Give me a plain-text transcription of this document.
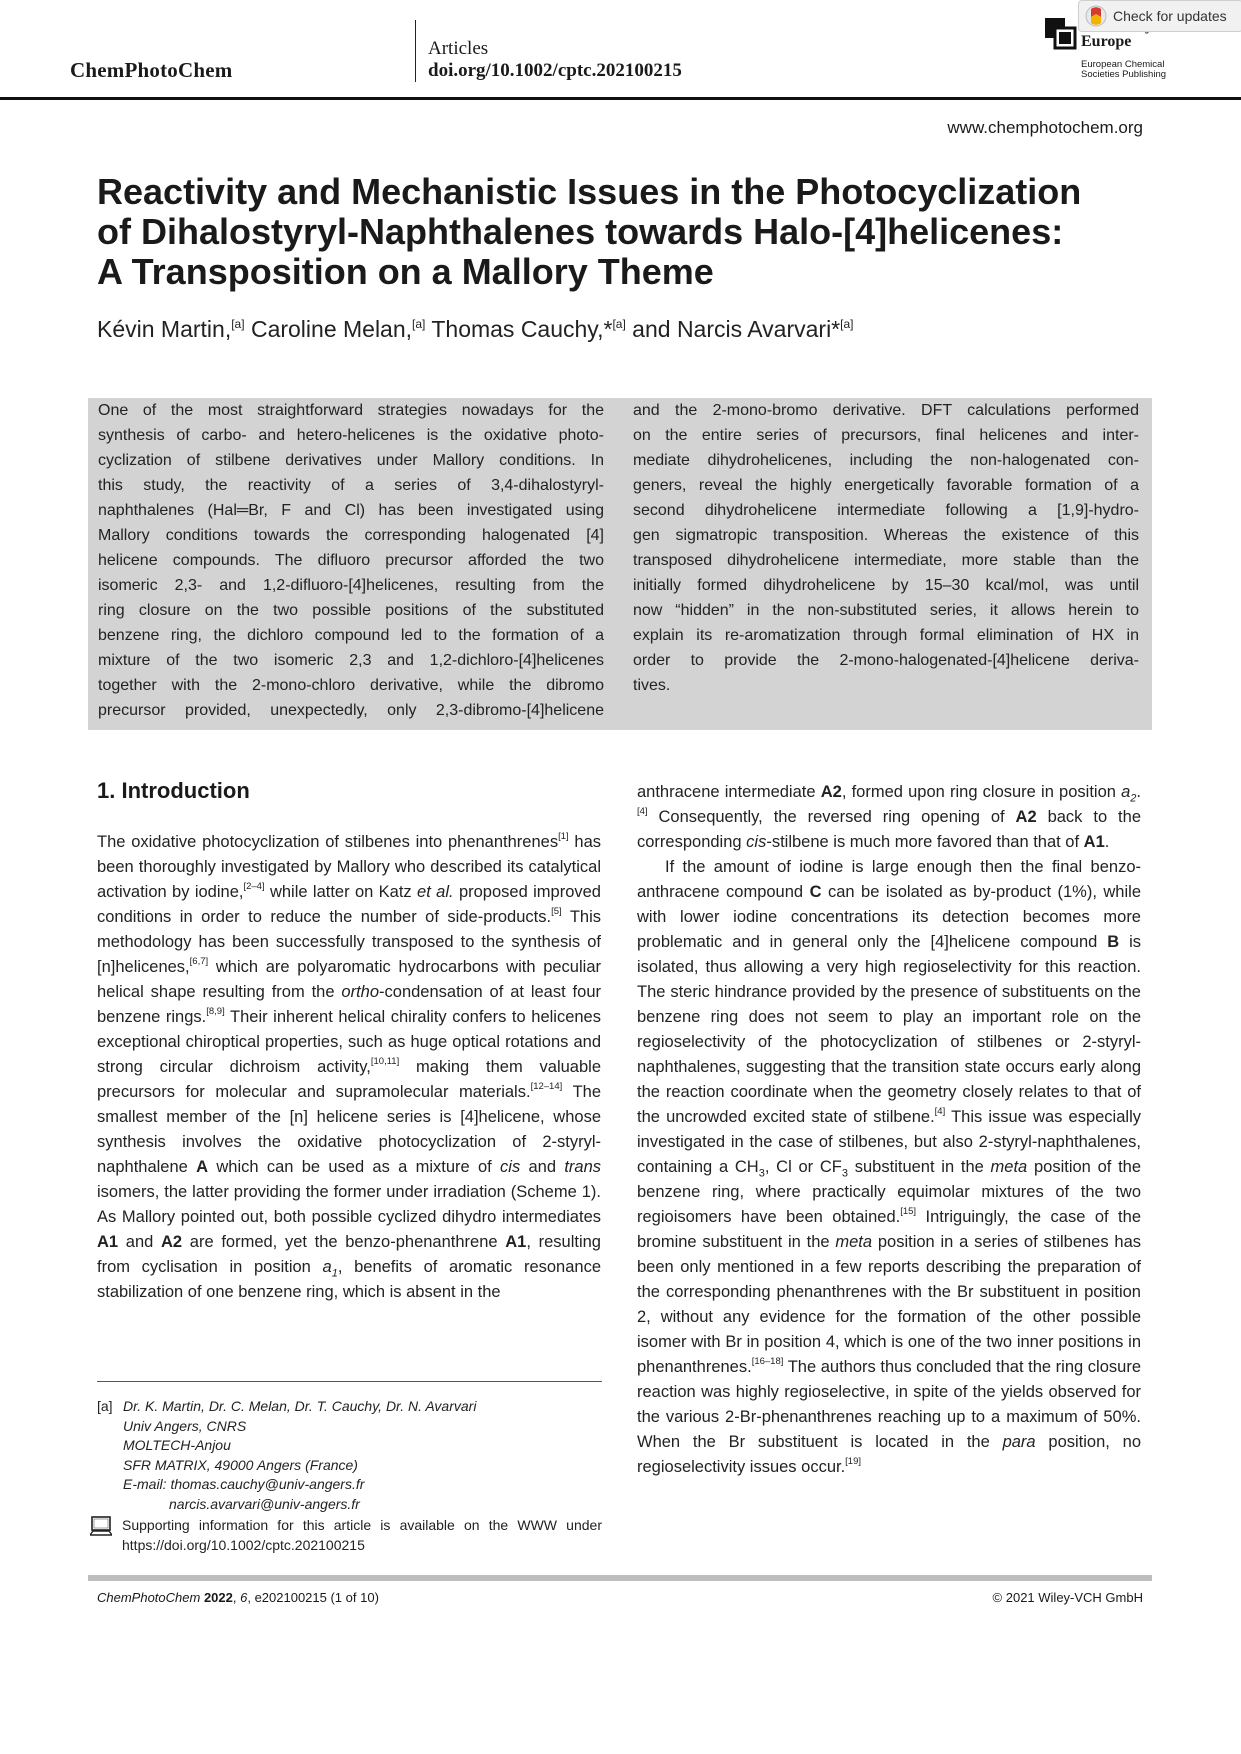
ChemPhotoChem
Articles
doi.org/10.1002/cptc.202100215
Europe
European Chemical
Societies Publishing
Check for updates
www.chemphotochem.org
Reactivity and Mechanistic Issues in the Photocyclization
of Dihalostyryl-Naphthalenes towards Halo-[4]helicenes:
A Transposition on a Mallory Theme
Kévin Martin,[a] Caroline Melan,[a] Thomas Cauchy,*[a] and Narcis Avarvari*[a]
One of the most straightforward strategies nowadays for the
synthesis of carbo- and hetero-helicenes is the oxidative photo-
cyclization of stilbene derivatives under Mallory conditions. In
this study, the reactivity of a series of 3,4-dihalostyryl-
naphthalenes (Hal═Br, F and Cl) has been investigated using
Mallory conditions towards the corresponding halogenated [4]
helicene compounds. The difluoro precursor afforded the two
isomeric 2,3- and 1,2-difluoro-[4]helicenes, resulting from the
ring closure on the two possible positions of the substituted
benzene ring, the dichloro compound led to the formation of a
mixture of the two isomeric 2,3 and 1,2-dichloro-[4]helicenes
together with the 2-mono-chloro derivative, while the dibromo
precursor provided, unexpectedly, only 2,3-dibromo-[4]helicene
and the 2-mono-bromo derivative. DFT calculations performed
on the entire series of precursors, final helicenes and inter-
mediate dihydrohelicenes, including the non-halogenated con-
geners, reveal the highly energetically favorable formation of a
second dihydrohelicene intermediate following a [1,9]-hydro-
gen sigmatropic transposition. Whereas the existence of this
transposed dihydrohelicene intermediate, more stable than the
initially formed dihydrohelicene by 15–30 kcal/mol, was until
now “hidden” in the non-substituted series, it allows herein to
explain its re-aromatization through formal elimination of HX in
order to provide the 2-mono-halogenated-[4]helicene deriva-
tives.
1. Introduction
The oxidative photocyclization of stilbenes into phenanthrenes[1] has been thoroughly investigated by Mallory who described its catalytical activation by iodine,[2–4] while latter on Katz et al. proposed improved conditions in order to reduce the number of side-products.[5] This methodology has been successfully transposed to the synthesis of [n]helicenes,[6,7] which are polyaromatic hydrocarbons with peculiar helical shape resulting from the ortho-condensation of at least four benzene rings.[8,9] Their inherent helical chirality confers to helicenes exceptional chiroptical properties, such as huge optical rotations and strong circular dichroism activity,[10,11] making them valuable precursors for molecular and supramolecular materials.[12–14] The smallest member of the [n] helicene series is [4]helicene, whose synthesis involves the oxidative photocyclization of 2-styryl-naphthalene A which can be used as a mixture of cis and trans isomers, the latter providing the former under irradiation (Scheme 1). As Mallory pointed out, both possible cyclized dihydro intermediates A1 and A2 are formed, yet the benzo-phenanthrene A1, resulting from cyclisation in position $a_1$, benefits of aromatic resonance stabilization of one benzene ring, which is absent in the
[a] Dr. K. Martin, Dr. C. Melan, Dr. T. Cauchy, Dr. N. Avarvari
Univ Angers, CNRS
MOLTECH-Anjou
SFR MATRIX, 49000 Angers (France)
E-mail: thomas.cauchy@univ-angers.fr
narcis.avarvari@univ-angers.fr
Supporting information for this article is available on the WWW under https://doi.org/10.1002/cptc.202100215
anthracene intermediate A2, formed upon ring closure in position $a_2.[4]$ Consequently, the reversed ring opening of A2 back to the corresponding cis-stilbene is much more favored than that of A1.
If the amount of iodine is large enough then the final benzo-anthracene compound C can be isolated as by-product (1%), while with lower iodine concentrations its detection becomes more problematic and in general only the [4]helicene compound B is isolated, thus allowing a very high regioselectivity for this reaction. The steric hindrance provided by the presence of substituents on the benzene ring does not seem to play an important role on the regioselectivity of the photocyclization of stilbenes or 2-styryl-naphthalenes, suggesting that the transition state occurs early along the reaction coordinate when the geometry closely relates to that of the uncrowded excited state of stilbene.[4] This issue was especially investigated in the case of stilbenes, but also 2-styryl-naphthalenes, containing a $CH_3$, Cl or $CF_3$ substituent in the meta position of the benzene ring, where practically equimolar mixtures of the two regioisomers have been obtained.[15] Intriguingly, the case of the bromine substituent in the meta position in a series of stilbenes has been only mentioned in a few reports describing the preparation of the corresponding phenanthrenes with the Br substituent in position 2, without any evidence for the formation of the other possible isomer with Br in position 4, which is one of the two inner positions in phenanthrenes.[16–18] The authors thus concluded that the ring closure reaction was highly regioselective, in spite of the yields observed for the various 2-Br-phenanthrenes reaching up to a maximum of 50%. When the Br substituent is located in the para position, no regioselectivity issues occur.[19]
ChemPhotoChem 2022, 6, e202100215 (1 of 10)	© 2021 Wiley-VCH GmbH
